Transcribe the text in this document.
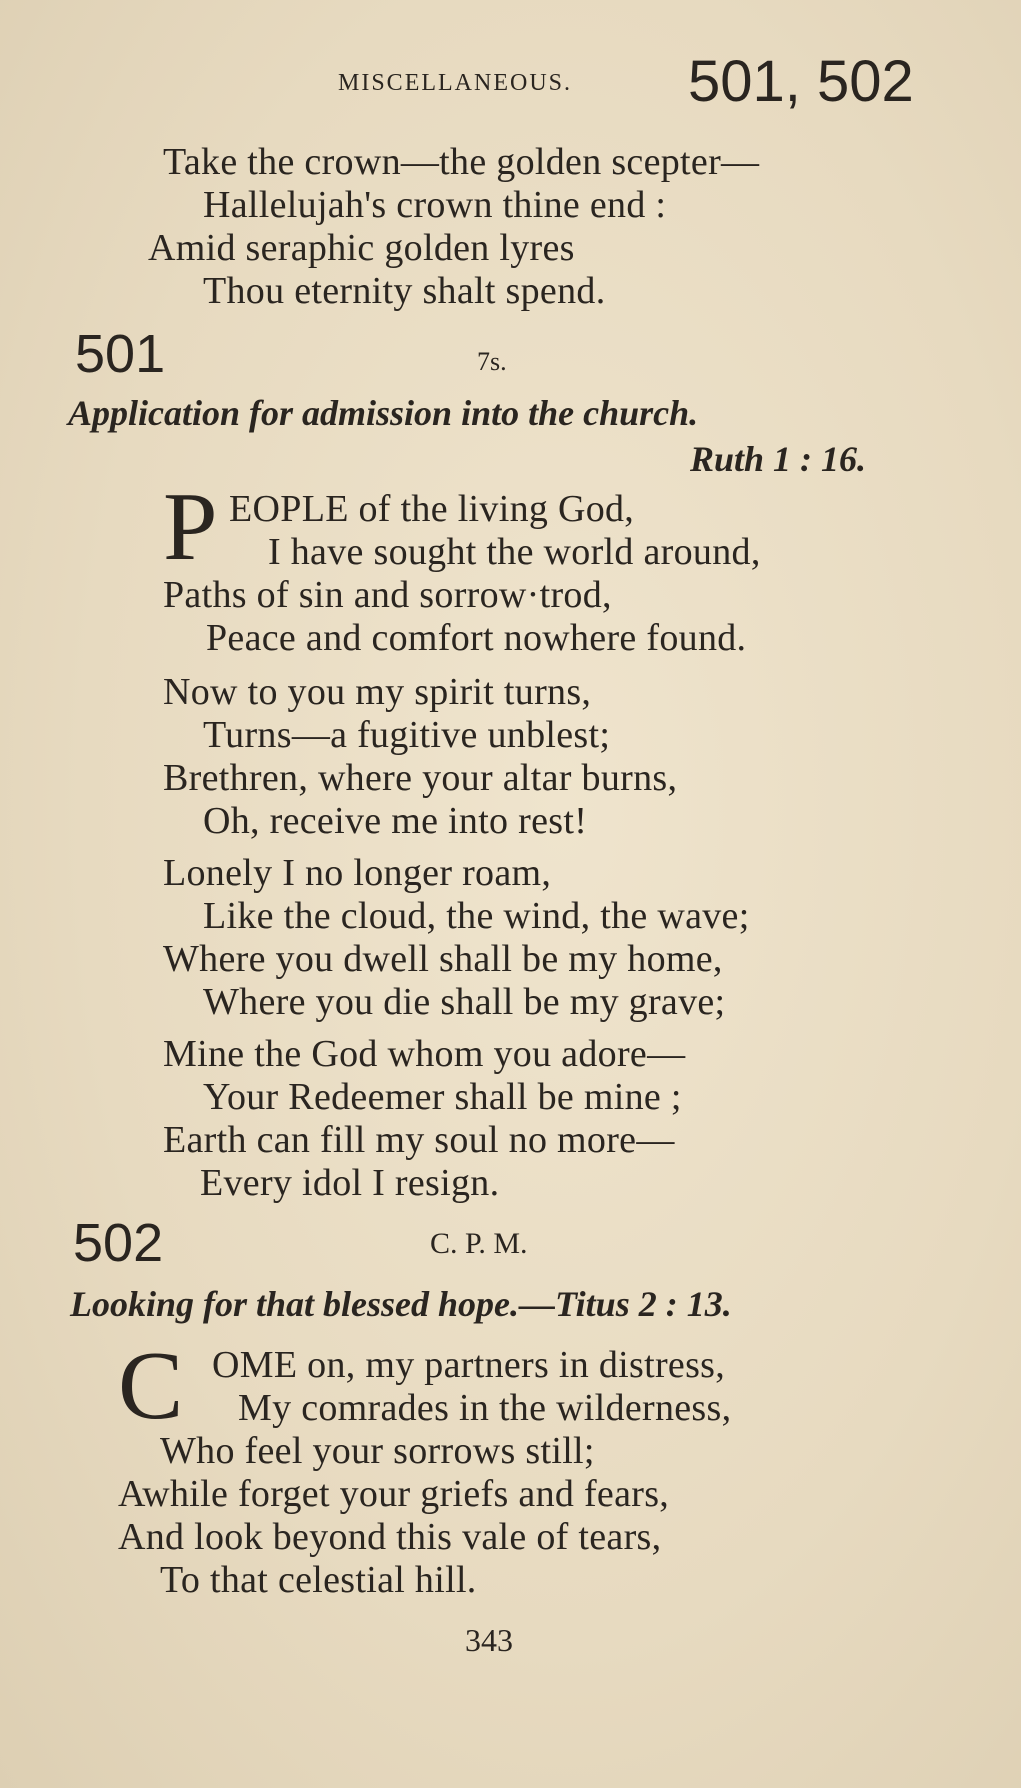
MISCELLANEOUS. 501, 502
Take the crown—the golden scepter—
Hallelujah's crown thine end :
Amid seraphic golden lyres
Thou eternity shalt spend.
501	7s.
Application for admission into the church.
Ruth 1 : 16.
P EOPLE of the living God,
I have sought the world around,
Paths of sin and sorrow·trod,
Peace and comfort nowhere found.
Now to you my spirit turns,
Turns—a fugitive unblest;
Brethren, where your altar burns,
Oh, receive me into rest!
Lonely I no longer roam,
Like the cloud, the wind, the wave;
Where you dwell shall be my home,
Where you die shall be my grave;
Mine the God whom you adore—
Your Redeemer shall be mine ;
Earth can fill my soul no more—
Every idol I resign.
502	C. P. M.
Looking for that blessed hope.—Titus 2 : 13.
C OME on, my partners in distress,
My comrades in the wilderness,
Who feel your sorrows still;
Awhile forget your griefs and fears,
And look beyond this vale of tears,
To that celestial hill.
343
